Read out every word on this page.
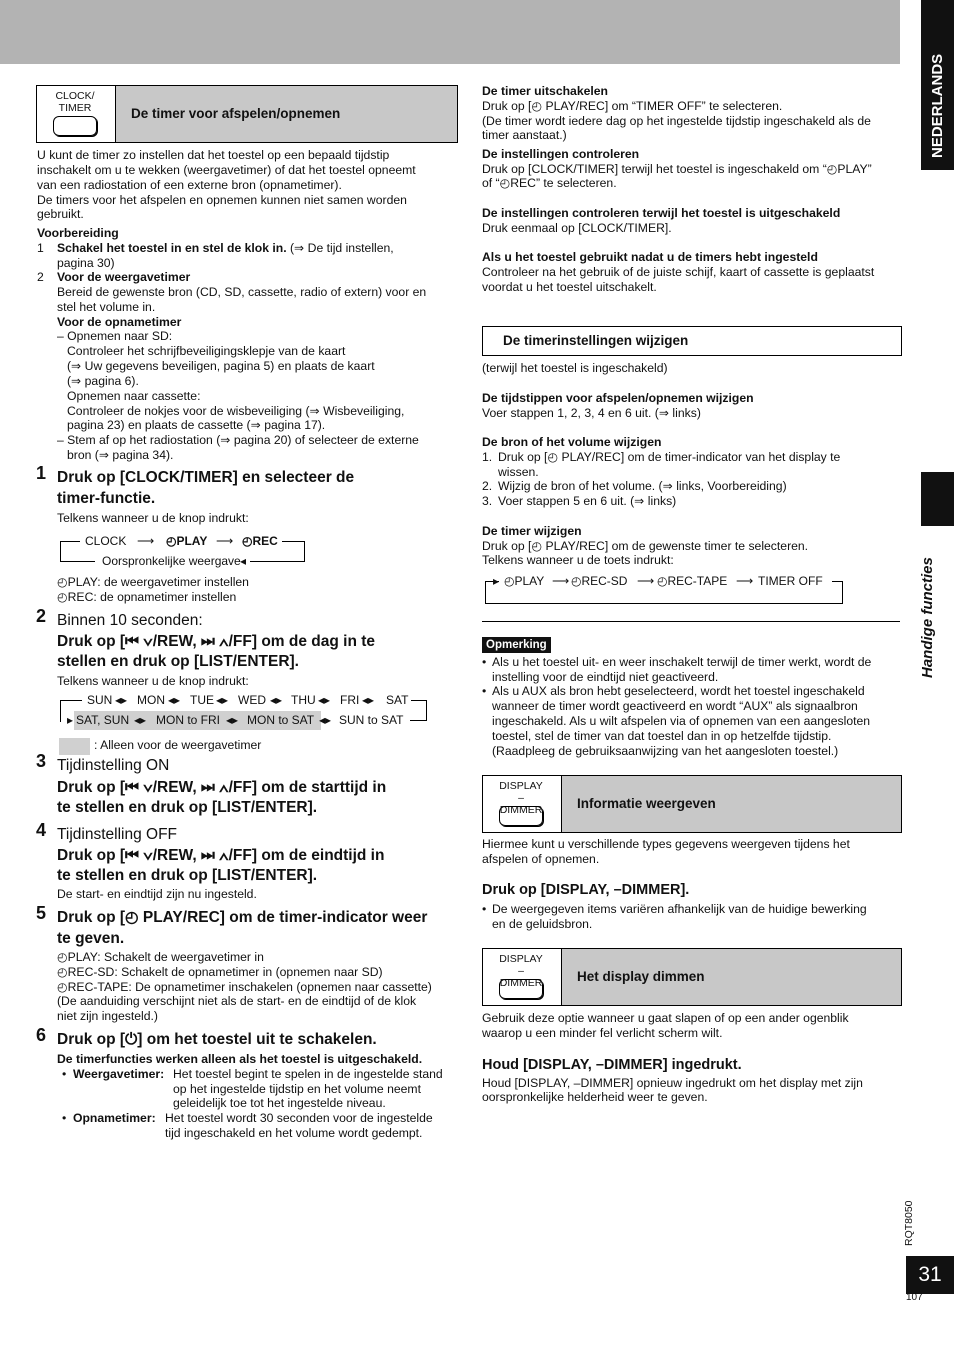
NEDERLANDS
Handige functies
RQT8050
31
107
CLOCK/
TIMER	De timer voor afspelen/opnemen
U kunt de timer zo instellen dat het toestel op een bepaald tijdstip
inschakelt om u te wekken (weergavetimer) of dat het toestel opneemt
van een radiostation of een externe bron (opnametimer).
De timers voor het afspelen en opnemen kunnen niet samen worden
gebruikt.
Voorbereiding
1 Schakel het toestel in en stel de klok in. (⇒ De tijd instellen,
pagina 30)
2 Voor de weergavetimer
Bereid de gewenste bron (CD, SD, cassette, radio of extern) voor en
stel het volume in.
Voor de opnametimer
– Opnemen naar SD:
Controleer het schrijfbeveiligingsklepje van de kaart
(⇒ Uw gegevens beveiligen, pagina 5) en plaats de kaart
(⇒ pagina 6).
Opnemen naar cassette:
Controleer de nokjes voor de wisbeveiliging (⇒ Wisbeveiliging,
pagina 23) en plaats de cassette (⇒ pagina 17).
– Stem af op het radiostation (⇒ pagina 20) of selecteer de externe
bron (⇒ pagina 34).
1 Druk op [CLOCK/TIMER] en selecteer de
timer-functie.
Telkens wanneer u de knop indrukt:
CLOCK ⟶ ◴PLAY ⟶ ◴REC
◂
Oorspronkelijke weergave
◴PLAY: de weergavetimer instellen
◴REC: de opnametimer instellen
2 Binnen 10 seconden:
Druk op [⏮ ∨/REW, ⏭ ∧/FF] om de dag in te
stellen en druk op [LIST/ENTER].
Telkens wanneer u de knop indrukt:
SUN ◂▸ MON ◂▸ TUE ◂▸ WED ◂▸ THU ◂▸ FRI ◂▸ SAT
▸ SAT, SUN ◂▸ MON to FRI ◂▸ MON to SAT ◂▸ SUN to SAT
: Alleen voor de weergavetimer
3 Tijdinstelling ON
Druk op [⏮ ∨/REW, ⏭ ∧/FF] om de starttijd in
te stellen en druk op [LIST/ENTER].
4 Tijdinstelling OFF
Druk op [⏮ ∨/REW, ⏭ ∧/FF] om de eindtijd in
te stellen en druk op [LIST/ENTER].
De start- en eindtijd zijn nu ingesteld.
5 Druk op [◴ PLAY/REC] om de timer-indicator weer
te geven.
◴PLAY: Schakelt de weergavetimer in
◴REC-SD: Schakelt de opnametimer in (opnemen naar SD)
◴REC-TAPE: De opnametimer inschakelen (opnemen naar cassette)
(De aanduiding verschijnt niet als de start- en de eindtijd of de klok
niet zijn ingesteld.)
6 Druk op [⏻] om het toestel uit te schakelen.
De timerfuncties werken alleen als het toestel is uitgeschakeld.
• Weergavetimer: Het toestel begint te spelen in de ingestelde stand
op het ingestelde tijdstip en het volume neemt
geleidelijk toe tot het ingestelde niveau.
• Opnametimer: Het toestel wordt 30 seconden voor de ingestelde
tijd ingeschakeld en het volume wordt gedempt.
De timer uitschakelen
Druk op [◴ PLAY/REC] om “TIMER OFF” te selecteren.
(De timer wordt iedere dag op het ingestelde tijdstip ingeschakeld als de
timer aanstaat.)
De instellingen controleren
Druk op [CLOCK/TIMER] terwijl het toestel is ingeschakeld om “◴PLAY”
of “◴REC” te selecteren.
De instellingen controleren terwijl het toestel is uitgeschakeld
Druk eenmaal op [CLOCK/TIMER].
Als u het toestel gebruikt nadat u de timers hebt ingesteld
Controleer na het gebruik of de juiste schijf, kaart of cassette is geplaatst
voordat u het toestel uitschakelt.
De timerinstellingen wijzigen
(terwijl het toestel is ingeschakeld)
De tijdstippen voor afspelen/opnemen wijzigen
Voer stappen 1, 2, 3, 4 en 6 uit. (⇒ links)
De bron of het volume wijzigen
1. Druk op [◴ PLAY/REC] om de timer-indicator van het display te
wissen.
2. Wijzig de bron of het volume. (⇒ links, Voorbereiding)
3. Voer stappen 5 en 6 uit. (⇒ links)
De timer wijzigen
Druk op [◴ PLAY/REC] om de gewenste timer te selecteren.
Telkens wanneer u de toets indrukt:
▸ ◴PLAY ⟶ ◴REC-SD ⟶ ◴REC-TAPE ⟶ TIMER OFF
Opmerking
• Als u het toestel uit- en weer inschakelt terwijl de timer werkt, wordt de
instelling voor de eindtijd niet geactiveerd.
• Als u AUX als bron hebt geselecteerd, wordt het toestel ingeschakeld
wanneer de timer wordt geactiveerd en wordt “AUX” als signaalbron
ingeschakeld. Als u wilt afspelen via of opnemen van een aangesloten
toestel, stel de timer van dat toestel dan in op hetzelfde tijdstip.
(Raadpleeg de gebruiksaanwijzing van het aangesloten toestel.)
DISPLAY
–DIMMER	Informatie weergeven
Hiermee kunt u verschillende types gegevens weergeven tijdens het
afspelen of opnemen.
Druk op [DISPLAY, –DIMMER].
• De weergegeven items variëren afhankelijk van de huidige bewerking
en de geluidsbron.
DISPLAY
–DIMMER	Het display dimmen
Gebruik deze optie wanneer u gaat slapen of op een ander ogenblik
waarop u een minder fel verlicht scherm wilt.
Houd [DISPLAY, –DIMMER] ingedrukt.
Houd [DISPLAY, –DIMMER] opnieuw ingedrukt om het display met zijn
oorspronkelijke helderheid weer te geven.
